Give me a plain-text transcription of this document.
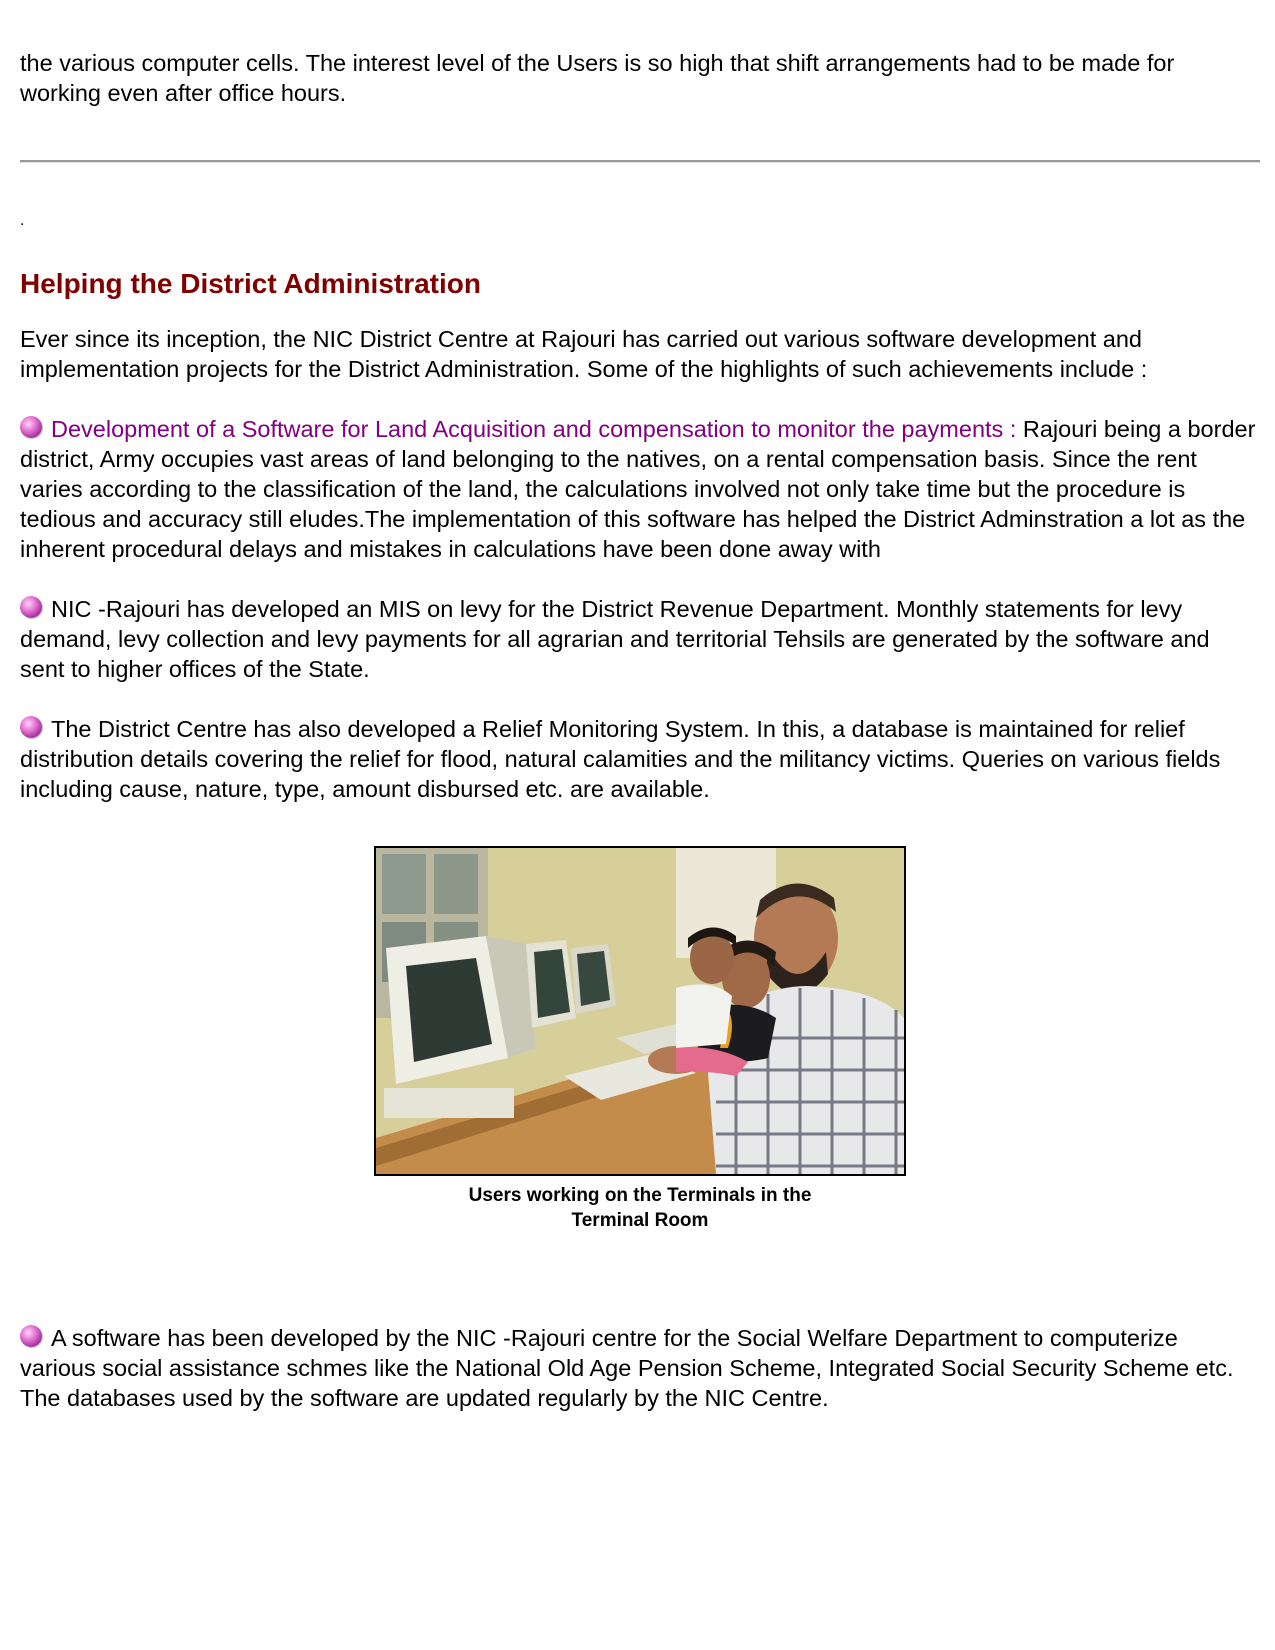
the various computer cells. The interest level of the Users is so high that shift arrangements had to be made for working even after office hours.

.
Helping the District Administration

Ever since its inception, the NIC District Centre at Rajouri has carried out various software development and implementation projects for the District Administration. Some of the highlights of such achievements include :

Development of a Software for Land Acquisition and compensation to monitor the payments : Rajouri being a border district, Army occupies vast areas of land belonging to the natives, on a rental compensation basis. Since the rent varies according to the classification of the land, the calculations involved not only take time but the procedure is tedious and accuracy still eludes.The implementation of this software has helped the District Adminstration a lot as the inherent procedural delays and mistakes in calculations have been done away with

NIC -Rajouri has developed an MIS on levy for the District Revenue Department. Monthly statements for levy demand, levy collection and levy payments for all agrarian and territorial Tehsils are generated by the software and sent to higher offices of the State.

The District Centre has also developed a Relief Monitoring System. In this, a database is maintained for relief distribution details covering the relief for flood, natural calamities and the militancy victims. Queries on various fields including cause, nature, type, amount disbursed etc. are available.

Users working on the Terminals in the
Terminal Room

A software has been developed by the NIC -Rajouri centre for the Social Welfare Department to computerize various social assistance schmes like the National Old Age Pension Scheme, Integrated Social Security Scheme etc. The databases used by the software are updated regularly by the NIC Centre.
